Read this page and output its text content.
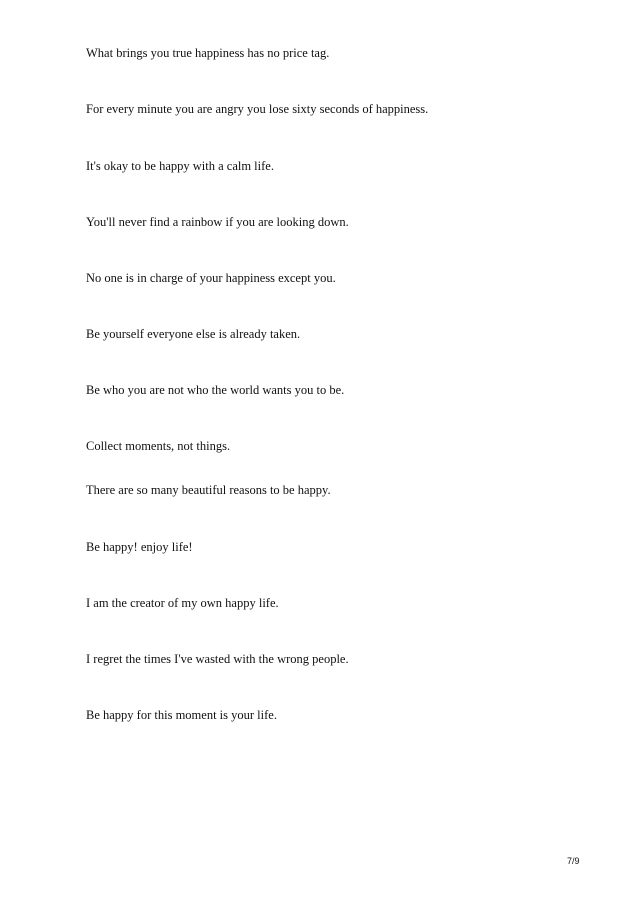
What brings you true happiness has no price tag.

For every minute you are angry you lose sixty seconds of happiness.

It's okay to be happy with a calm life.

You'll never find a rainbow if you are looking down.

No one is in charge of your happiness except you.

Be yourself everyone else is already taken.

Be who you are not who the world wants you to be.

Collect moments, not things.

There are so many beautiful reasons to be happy.

Be happy! enjoy life!

I am the creator of my own happy life.

I regret the times I've wasted with the wrong people.

Be happy for this moment is your life.

7/9
